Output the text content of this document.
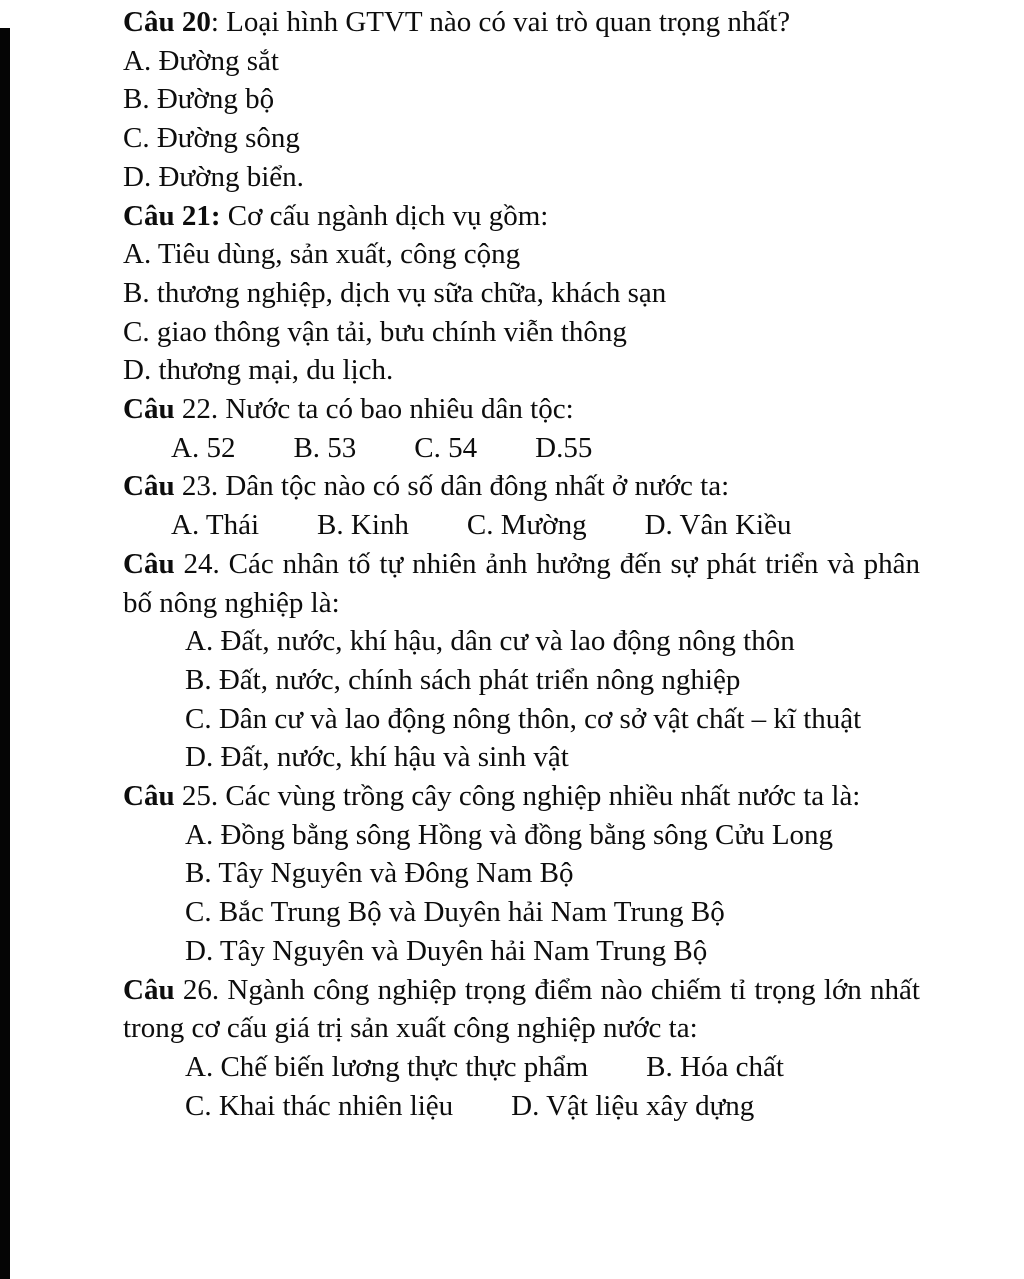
Câu 20: Loại hình GTVT nào có vai trò quan trọng nhất?

A. Đường sắt

B. Đường bộ

C. Đường sông

D. Đường biển.

Câu 21: Cơ cấu ngành dịch vụ gồm:

A. Tiêu dùng, sản xuất, công cộng

B. thương nghiệp, dịch vụ sữa chữa, khách sạn

C. giao thông vận tải, bưu chính viễn thông

D. thương mại, du lịch.

Câu 22. Nước ta có bao nhiêu dân tộc:

A. 52        B. 53        C. 54        D.55

Câu 23. Dân tộc nào có số dân đông nhất ở nước ta:

A. Thái        B. Kinh        C. Mường        D. Vân Kiều

Câu 24. Các nhân tố tự nhiên ảnh hưởng đến sự phát triển và phân bố nông nghiệp là:

A. Đất, nước, khí hậu, dân cư và lao động nông thôn

B. Đất, nước, chính sách phát triển nông nghiệp

C. Dân cư và lao động nông thôn, cơ sở vật chất – kĩ thuật

D. Đất, nước, khí hậu và sinh vật

Câu 25. Các vùng trồng cây công nghiệp nhiều nhất nước ta là:

A. Đồng bằng sông Hồng và đồng bằng sông Cửu Long

B. Tây Nguyên và Đông Nam Bộ

C. Bắc Trung Bộ và Duyên hải Nam Trung Bộ

D. Tây Nguyên và Duyên hải Nam Trung Bộ

Câu 26. Ngành công nghiệp trọng điểm nào chiếm tỉ trọng lớn nhất trong cơ cấu giá trị sản xuất công nghiệp nước ta:

A. Chế biến lương thực thực phẩm        B. Hóa chất

C. Khai thác nhiên liệu        D. Vật liệu xây dựng
